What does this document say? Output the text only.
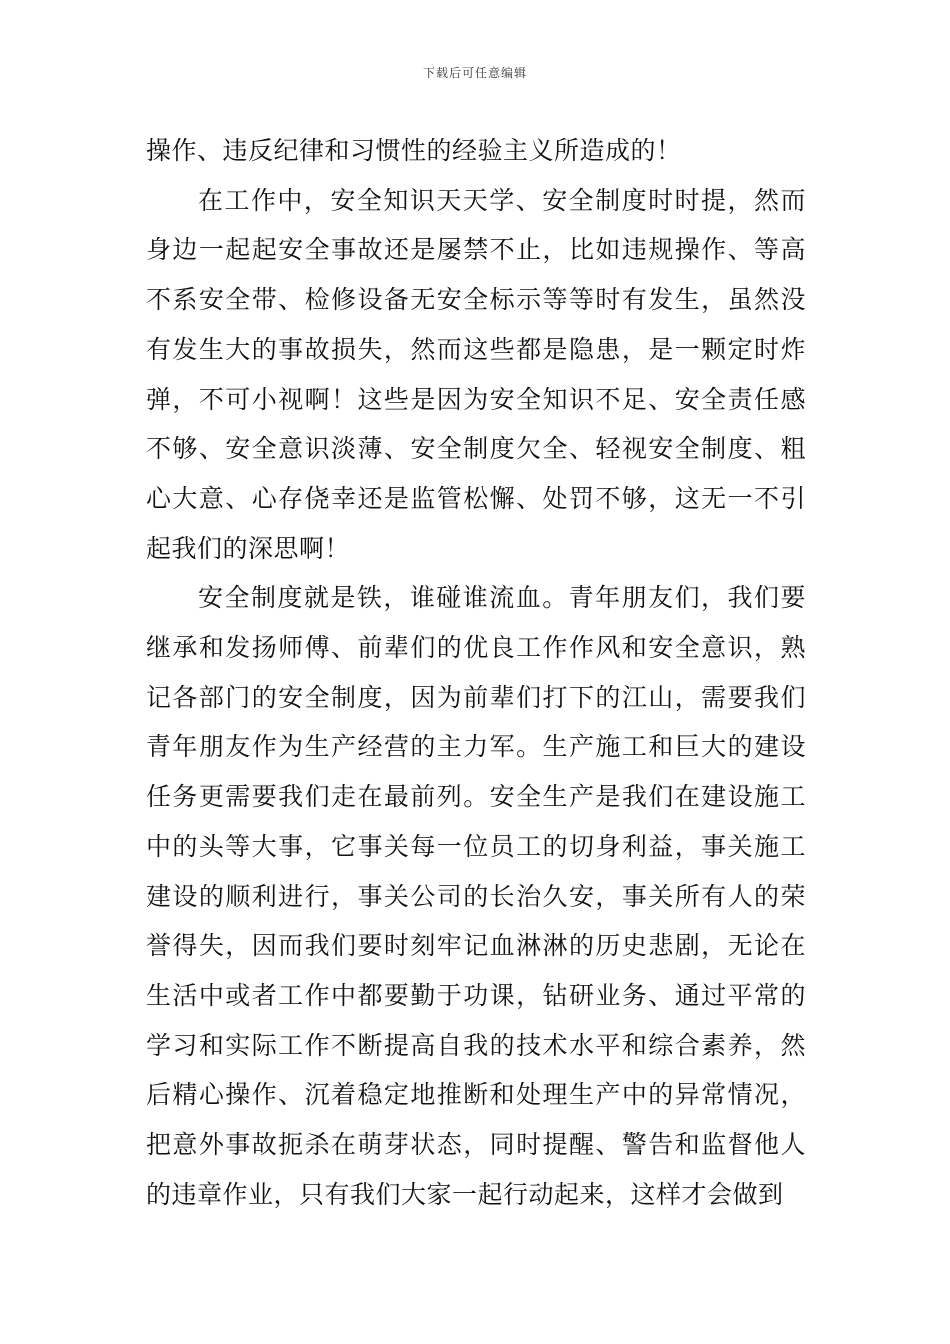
下载后可任意编辑

操作、违反纪律和习惯性的经验主义所造成的！

在工作中，安全知识天天学、安全制度时时提，然而身边一起起安全事故还是屡禁不止，比如违规操作、等高不系安全带、检修设备无安全标示等等时有发生，虽然没有发生大的事故损失，然而这些都是隐患，是一颗定时炸弹，不可小视啊！这些是因为安全知识不足、安全责任感不够、安全意识淡薄、安全制度欠全、轻视安全制度、粗心大意、心存侥幸还是监管松懈、处罚不够，这无一不引起我们的深思啊！

安全制度就是铁，谁碰谁流血。青年朋友们，我们要继承和发扬师傅、前辈们的优良工作作风和安全意识，熟记各部门的安全制度，因为前辈们打下的江山，需要我们青年朋友作为生产经营的主力军。生产施工和巨大的建设任务更需要我们走在最前列。安全生产是我们在建设施工中的头等大事，它事关每一位员工的切身利益，事关施工建设的顺利进行，事关公司的长治久安，事关所有人的荣誉得失，因而我们要时刻牢记血淋淋的历史悲剧，无论在生活中或者工作中都要勤于功课，钻研业务、通过平常的学习和实际工作不断提高自我的技术水平和综合素养，然后精心操作、沉着稳定地推断和处理生产中的异常情况，把意外事故扼杀在萌芽状态，同时提醒、警告和监督他人的违章作业，只有我们大家一起行动起来，这样才会做到
